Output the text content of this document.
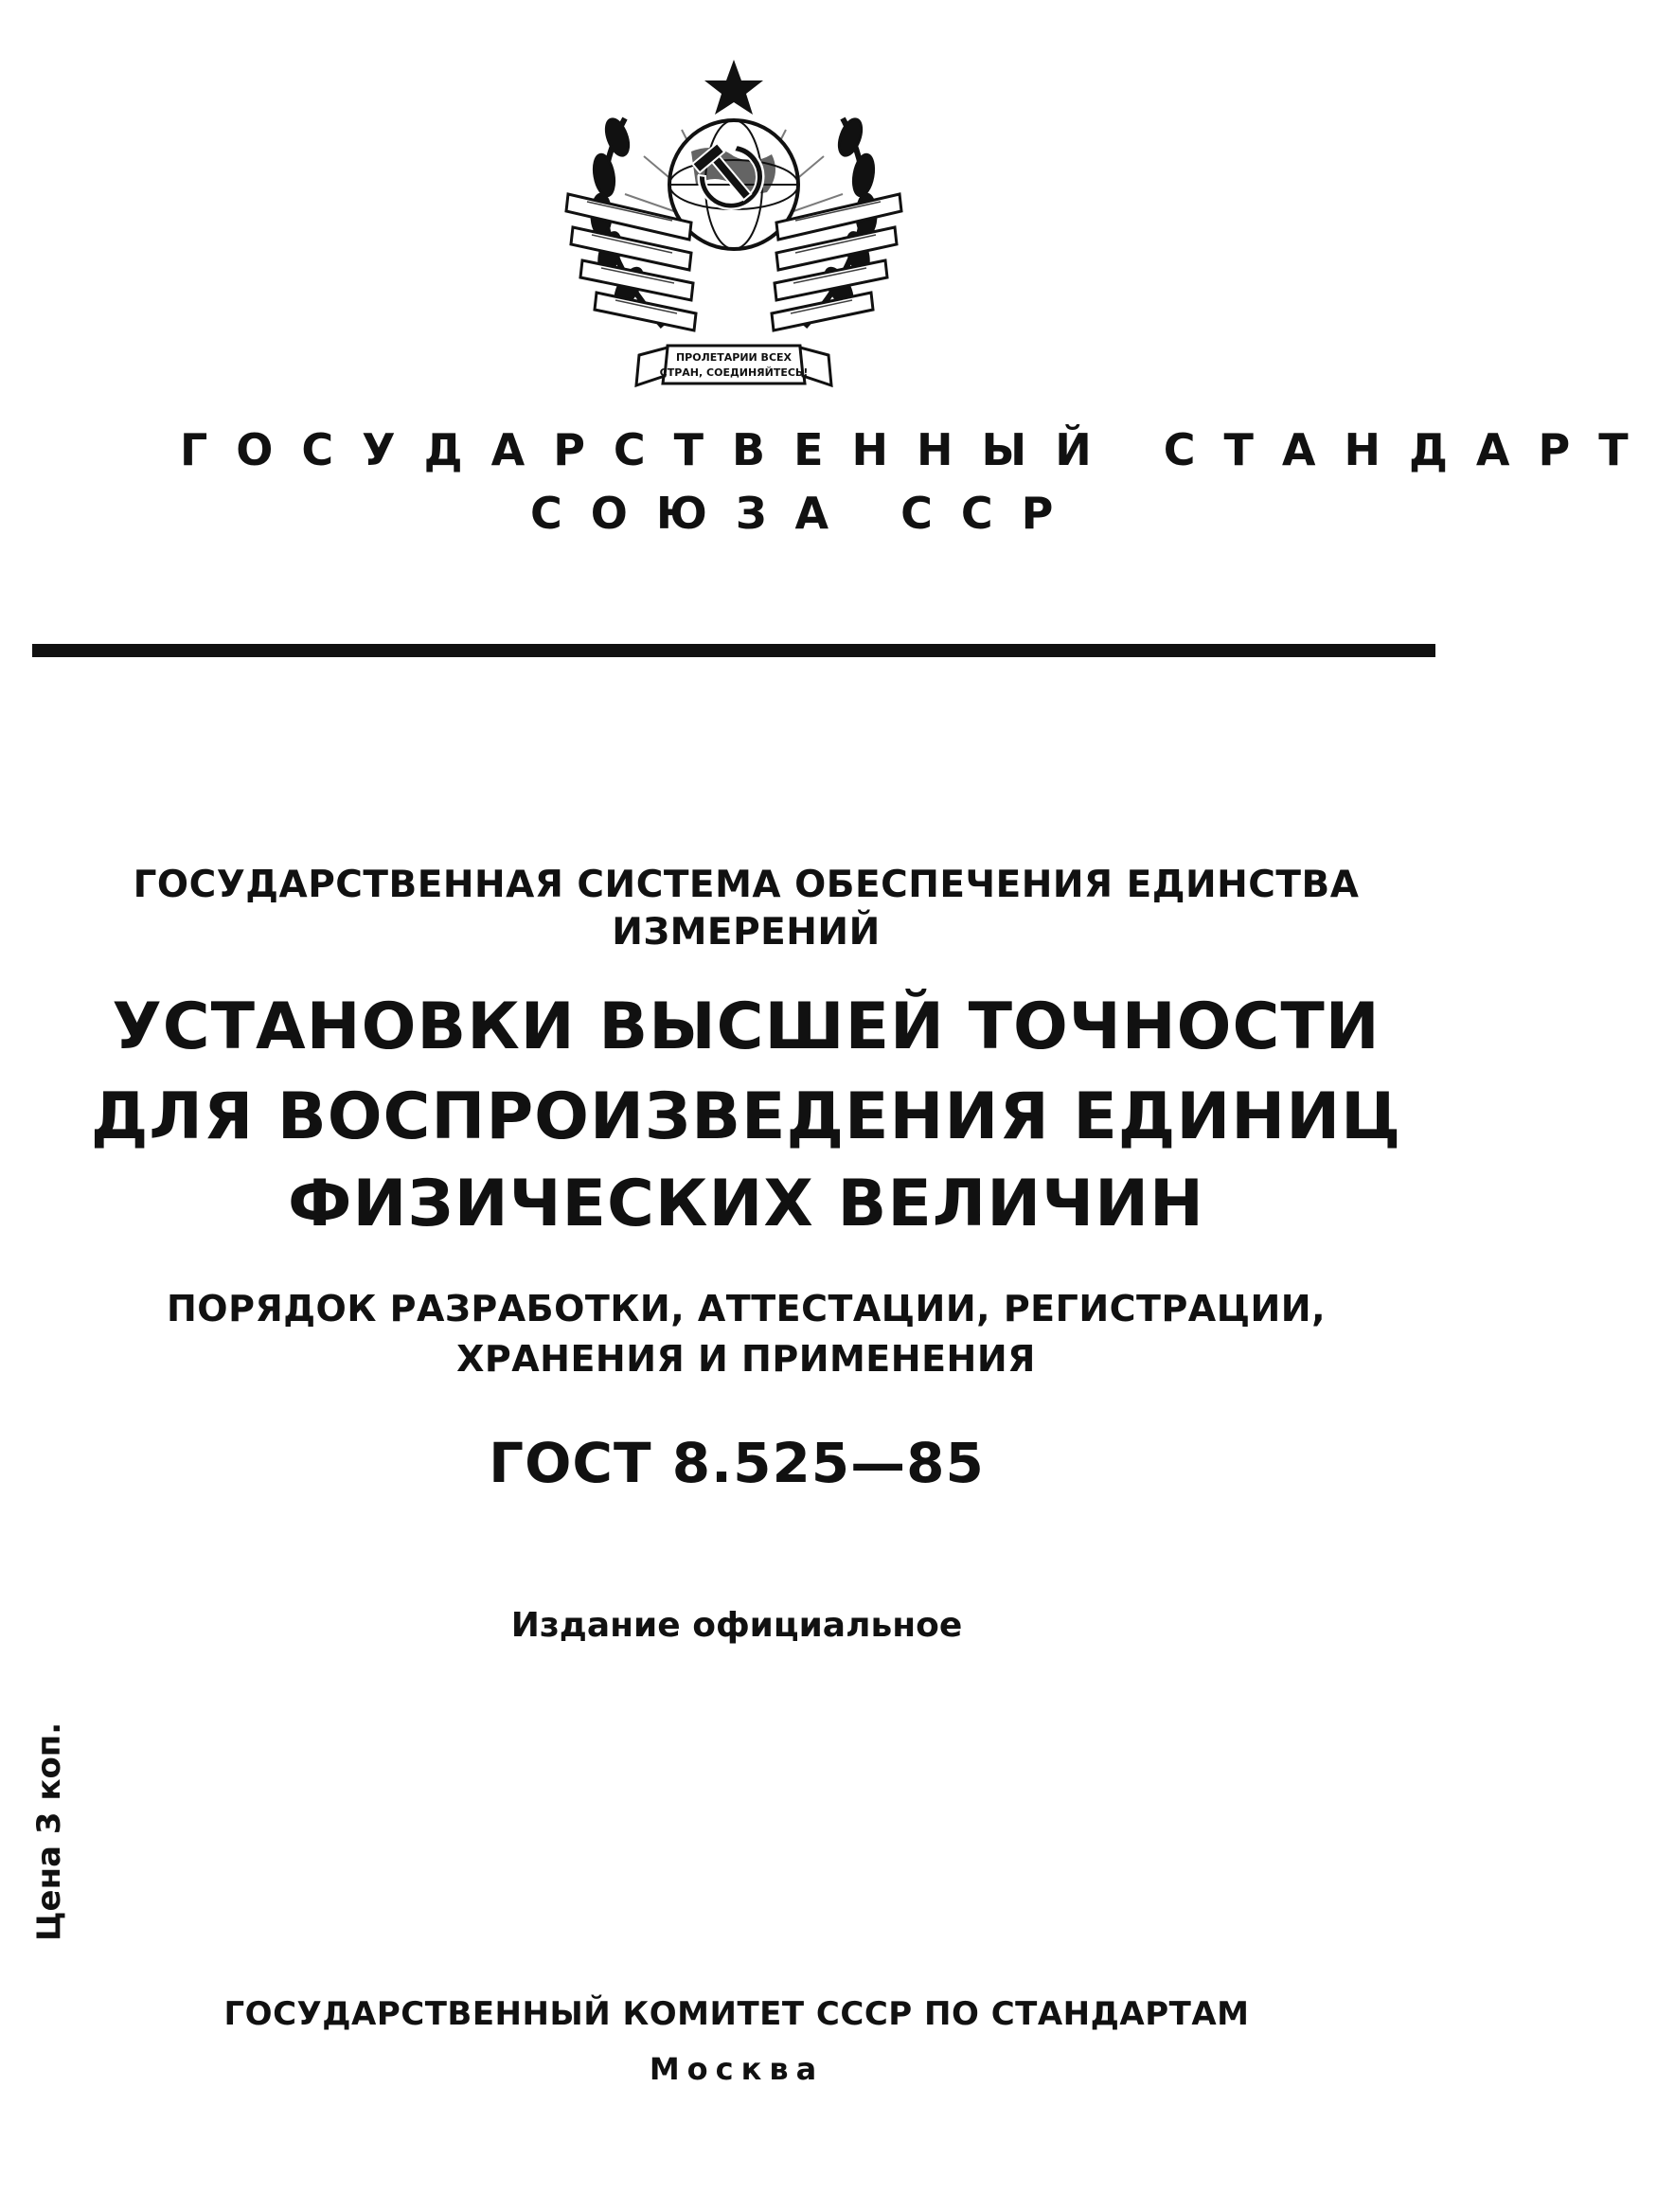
ПРОЛЕТАРИИ ВСЕХ
СТРАН, СОЕДИНЯЙТЕСЬ!
ГОСУДАРСТВЕННЫЙ СТАНДАРТ
СОЮЗА ССР
ГОСУДАРСТВЕННАЯ СИСТЕМА ОБЕСПЕЧЕНИЯ ЕДИНСТВА
ИЗМЕРЕНИЙ
УСТАНОВКИ ВЫСШЕЙ ТОЧНОСТИ
ДЛЯ ВОСПРОИЗВЕДЕНИЯ ЕДИНИЦ
ФИЗИЧЕСКИХ ВЕЛИЧИН
ПОРЯДОК РАЗРАБОТКИ, АТТЕСТАЦИИ, РЕГИСТРАЦИИ,
ХРАНЕНИЯ И ПРИМЕНЕНИЯ
ГОСТ 8.525—85
Издание официальное
Цена 3 коп.
ГОСУДАРСТВЕННЫЙ КОМИТЕТ СССР ПО СТАНДАРТАМ
Москва
